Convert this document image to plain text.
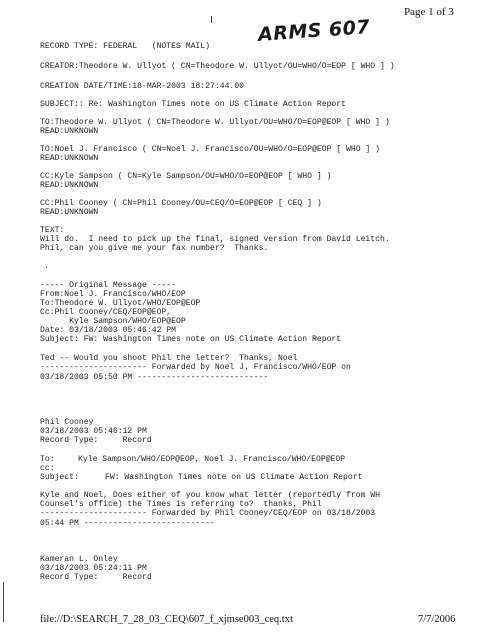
Page 1 of 3
ARMS 607
RECORD TYPE: FEDERAL   (NOTES MAIL)
CREATOR:Theodore W. Ullyot ( CN=Theodore W. Ullyot/OU=WHO/O=EOP [ WHO ] )
CREATION DATE/TIME:18-MAR-2003 18:27:44.00
SUBJECT:: Re: Washington Times note on US Climate Action Report
TO:Theodore W. Ullyot ( CN=Theodore W. Ullyot/OU=WHO/O=EOP@EOP [ WHO ] )
READ:UNKNOWN
TO:Noel J. Francisco ( CN=Noel J. Francisco/OU=WHO/O=EOP@EOP [ WHO ] )
READ:UNKNOWN
CC:Kyle Sampson ( CN=Kyle Sampson/OU=WHO/O=EOP@EOP [ WHO ] )
READ:UNKNOWN
CC:Phil Cooney ( CN=Phil Cooney/OU=CEQ/O=EOP@EOP [ CEQ ] )
READ:UNKNOWN
TEXT:
Will do.  I need to pick up the final, signed version from David Leitch.
Phil, can you give me your fax number?  Thanks.
.
----- Original Message -----
From:Noel J. Francisco/WHO/EOP
To:Theodore W. Ullyot/WHO/EOP@EOP
Cc:Phil Cooney/CEQ/EOP@EOP,
Kyle Sampson/WHO/EOP@EOP
Date: 03/18/2003 05:46:42 PM
Subject: FW: Washington Times note on US Climate Action Report
Ted -- Would you shoot Phil the letter?  Thanks, Noel
---------------------- Forwarded by Noel J. Francisco/WHO/EOP on
03/18/2003 05:50 PM ---------------------------
Phil Cooney
03/18/2003 05:46:12 PM
Record Type:     Record
To:	Kyle Sampson/WHO/EOP@EOP, Noel J. Francisco/WHO/EOP@EOP
cc:
Subject:	FW: Washington Times note on US Climate Action Report
Kyle and Noel, Does either of you know what letter (reportedly from WH
Counsel's office) the Times is referring to?  thanks, Phil
---------------------- Forwarded by Phil Cooney/CEQ/EOP on 03/18/2003
05:44 PM ---------------------------
Kameran L. Onley
03/18/2003 05:24:11 PM
Record Type:     Record
file://D:\SEARCH_7_28_03_CEQ\607_f_xjmse003_ceq.txt	7/7/2006
